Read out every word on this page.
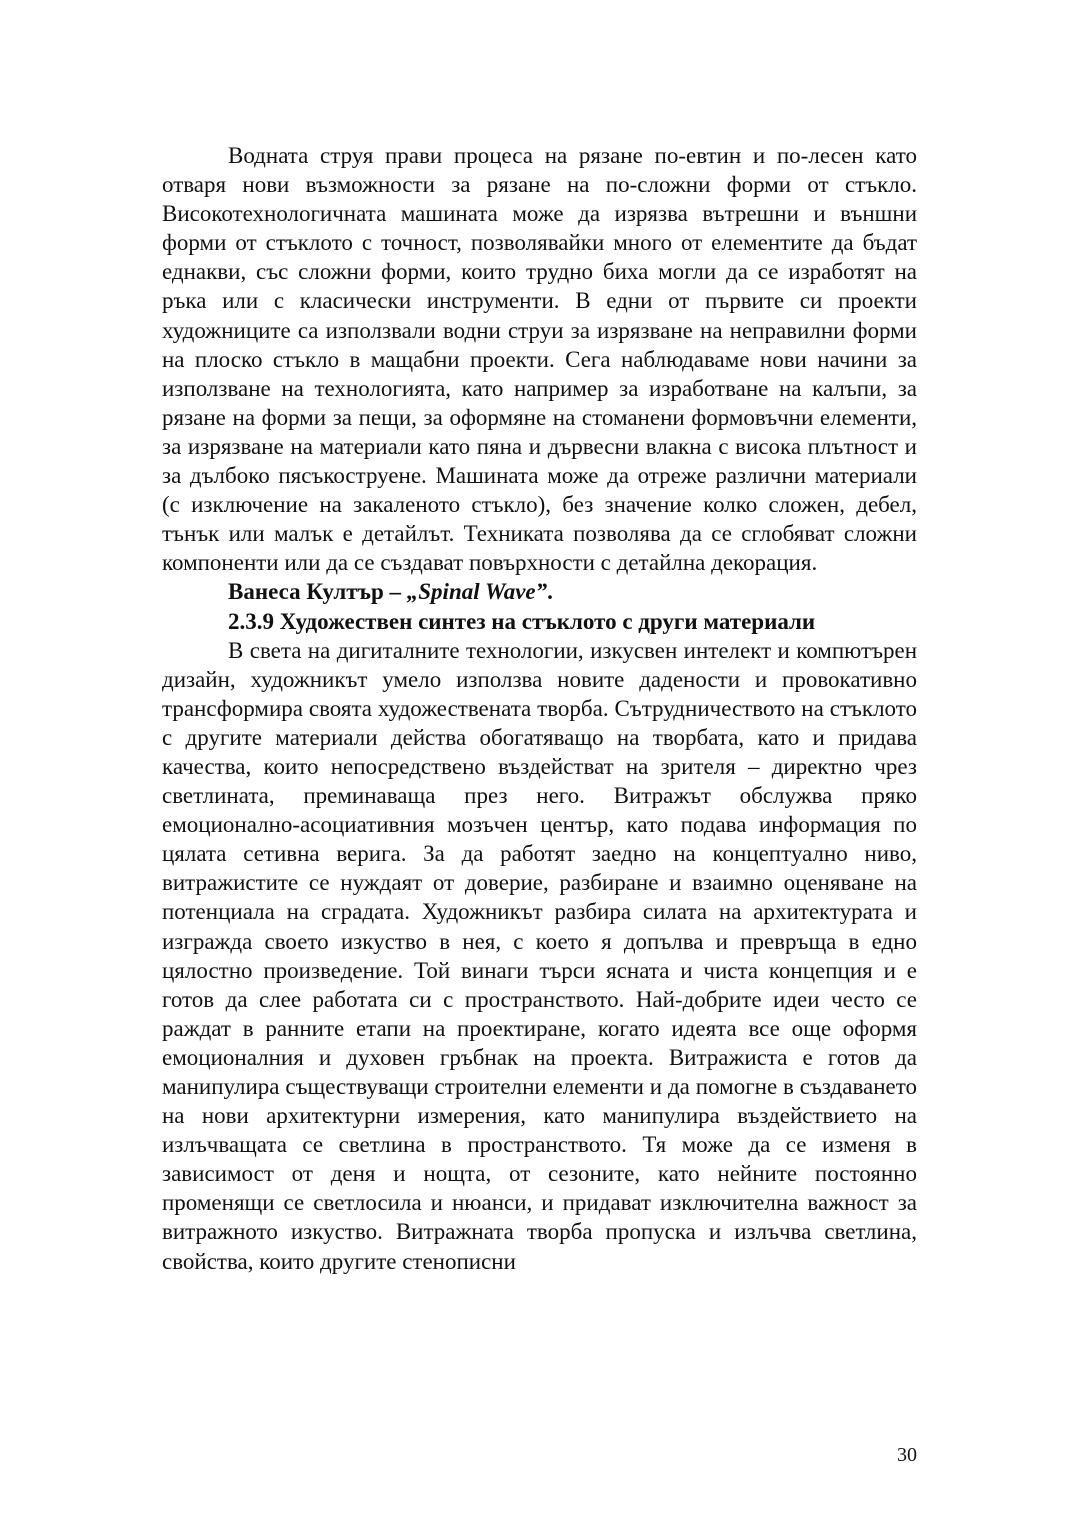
Водната струя прави процеса на рязане по-евтин и по-лесен като отваря нови възможности за рязане на по-сложни форми от стъкло. Високотехнологичната машината може да изрязва вътрешни и външни форми от стъклото с точност, позволявайки много от елементите да бъдат еднакви, със сложни форми, които трудно биха могли да се изработят на ръка или с класически инструменти. В едни от първите си проекти художниците са използвали водни струи за изрязване на неправилни форми на плоско стъкло в мащабни проекти. Сега наблюдаваме нови начини за използване на технологията, като например за изработване на калъпи, за рязане на форми за пещи, за оформяне на стоманени формовъчни елементи, за изрязване на материали като пяна и дървесни влакна с висока плътност и за дълбоко пясъкоструене. Машината може да отреже различни материали (с изключение на закаленото стъкло), без значение колко сложен, дебел, тънък или малък е детайлът. Техниката позволява да се сглобяват сложни компоненти или да се създават повърхности с детайлна декорация.

Ванеса Култър – „Spinal Wave”.

2.3.9 Художествен синтез на стъклото с други материали

В света на дигиталните технологии, изкусвен интелект и компютърен дизайн, художникът умело използва новите дадености и провокативно трансформира своята художествената творба. Сътрудничеството на стъклото с другите материали действа обогатяващо на творбата, като и придава качества, които непосредствено въздействат на зрителя – директно чрез светлината, преминаваща през него. Витражът обслужва пряко емоционално-асоциативния мозъчен център, като подава информация по цялата сетивна верига. За да работят заедно на концептуално ниво, витражистите се нуждаят от доверие, разбиране и взаимно оценяване на потенциала на сградата. Художникът разбира силата на архитектурата и изгражда своето изкуство в нея, с което я допълва и превръща в едно цялостно произведение. Той винаги търси ясната и чиста концепция и е готов да слее работата си с пространството. Най-добрите идеи често се раждат в ранните етапи на проектиране, когато идеята все още оформя емоционалния и духовен гръбнак на проекта. Витражиста е готов да манипулира съществуващи строителни елементи и да помогне в създаването на нови архитектурни измерения, като манипулира въздействието на излъчващата се светлина в пространството. Тя може да се изменя в зависимост от деня и нощта, от сезоните, като нейните постоянно променящи се светлосила и нюанси, и придават изключителна важност за витражното изкуство. Витражната творба пропуска и излъчва светлина, свойства, които другите стенописни

30
